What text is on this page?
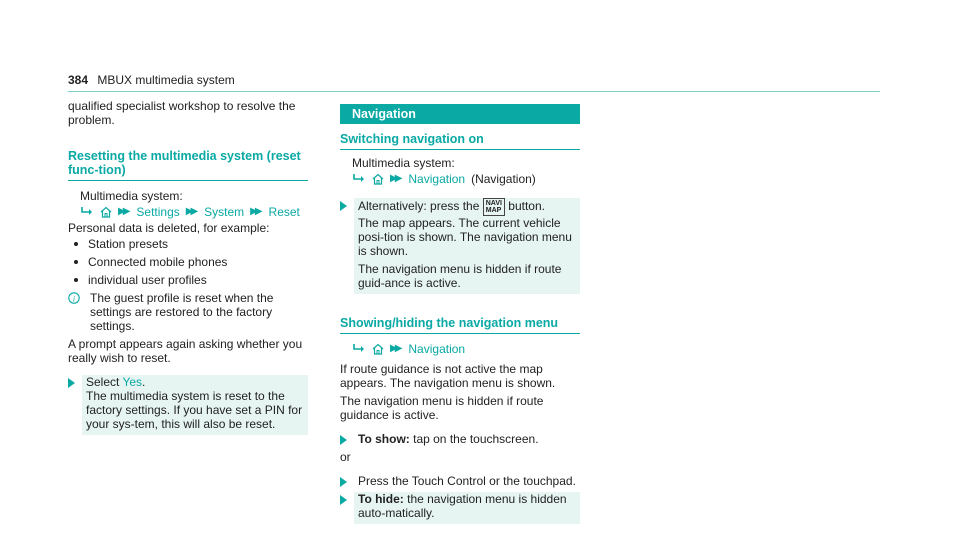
384 MBUX multimedia system

qualified specialist workshop to resolve the problem.

Resetting the multimedia system (reset func-tion)

Multimedia system:

▶▶ Settings ▶▶ System ▶▶ Reset

Personal data is deleted, for example:

Station presets
Connected mobile phones
individual user profiles
i	The guest profile is reset when the settings are restored to the factory settings.

A prompt appears again asking whether you really wish to reset.

Select Yes.

The multimedia system is reset to the factory settings. If you have set a PIN for your sys-tem, this will also be reset.

Navigation
Switching navigation on

Multimedia system:

▶▶ Navigation (Navigation)

Alternatively: press the NAVI
MAP button.

The map appears. The current vehicle posi-tion is shown. The navigation menu is shown.

The navigation menu is hidden if route guid-ance is active.

Showing/hiding the navigation menu
▶▶ Navigation

If route guidance is not active the map appears. The navigation menu is shown.

The navigation menu is hidden if route guidance is active.

To show: tap on the touchscreen.

or

Press the Touch Control or the touchpad.

To hide: the navigation menu is hidden auto-matically.
